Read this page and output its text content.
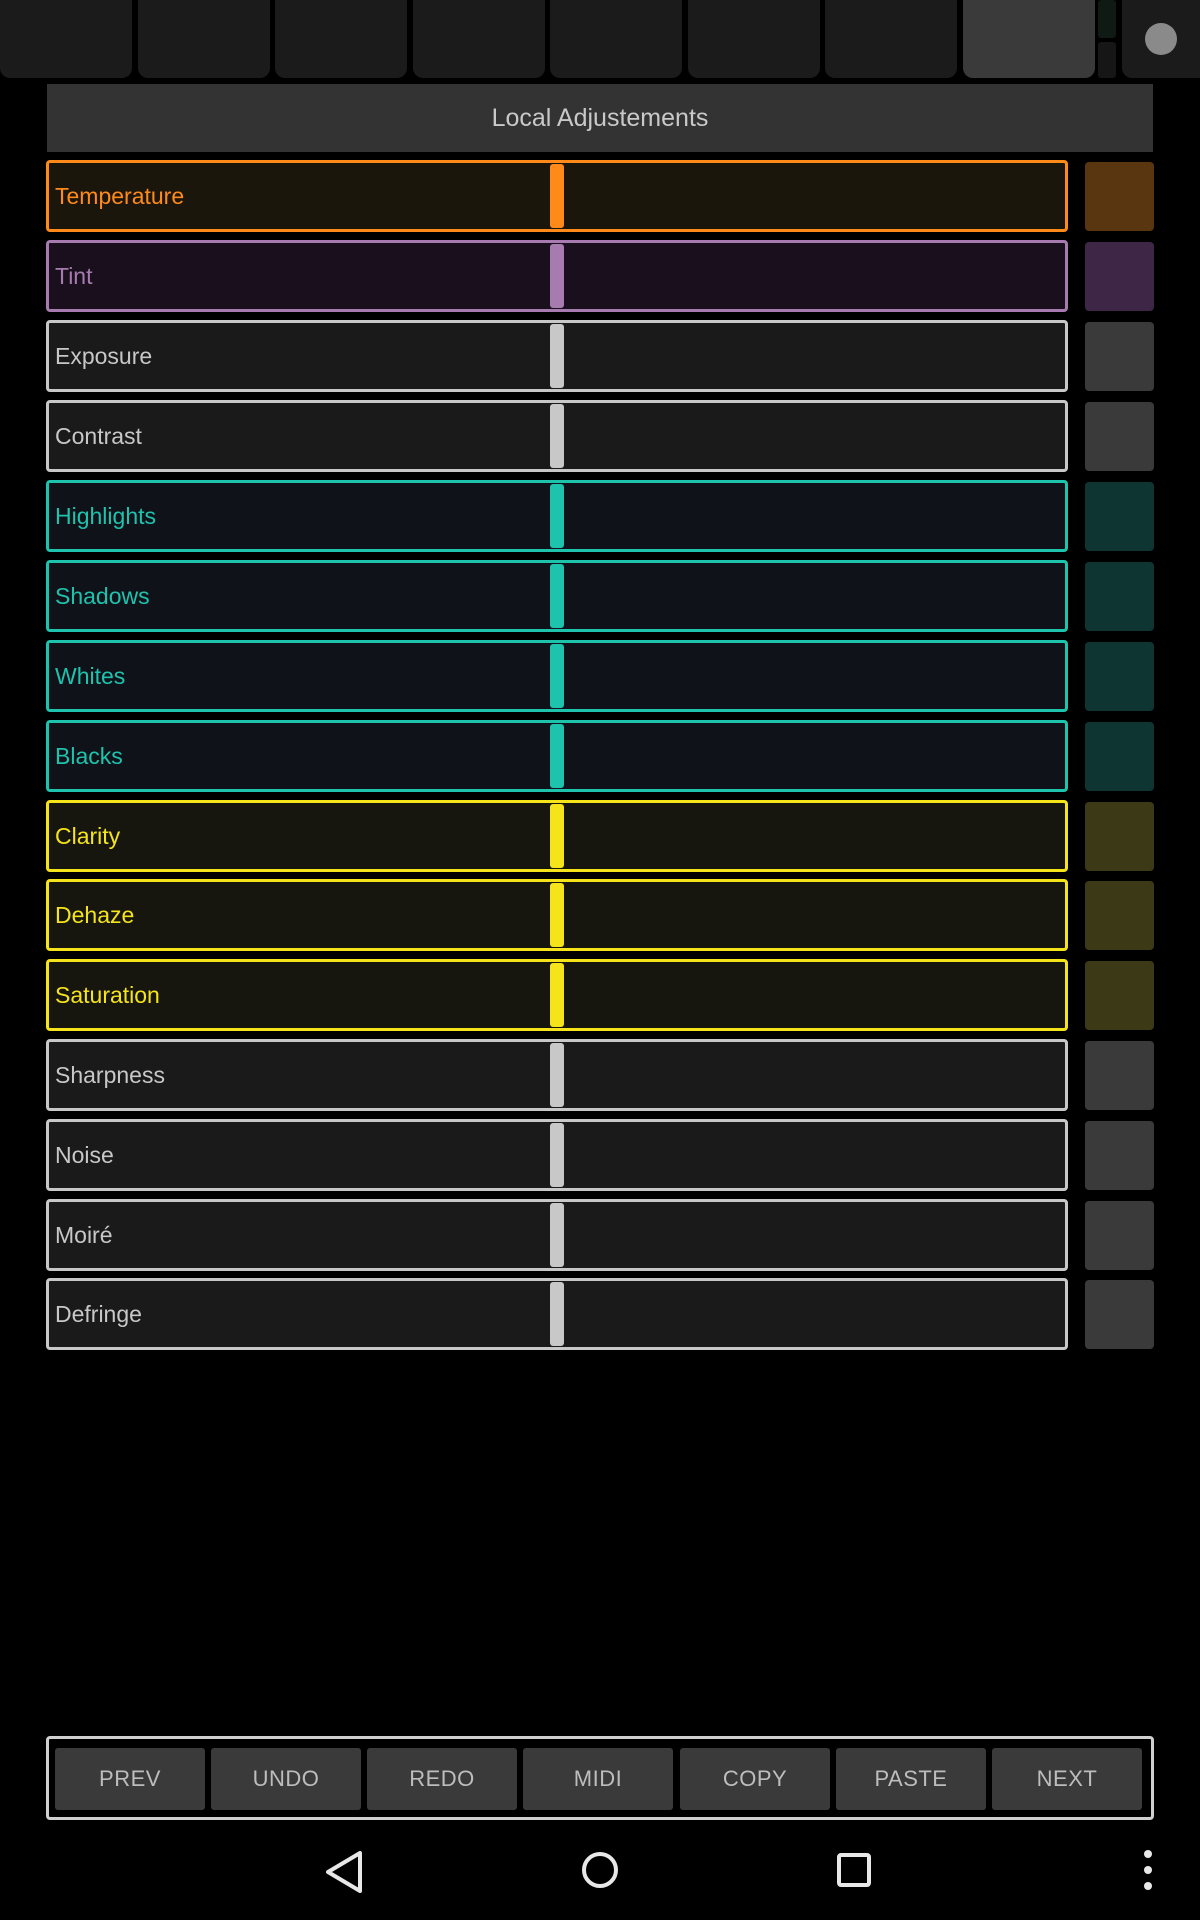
Local Adjustements
Temperature
Tint
Exposure
Contrast
Highlights
Shadows
Whites
Blacks
Clarity
Dehaze
Saturation
Sharpness
Noise
Moiré
Defringe
PREV	UNDO	REDO	MIDI	COPY	PASTE	NEXT
